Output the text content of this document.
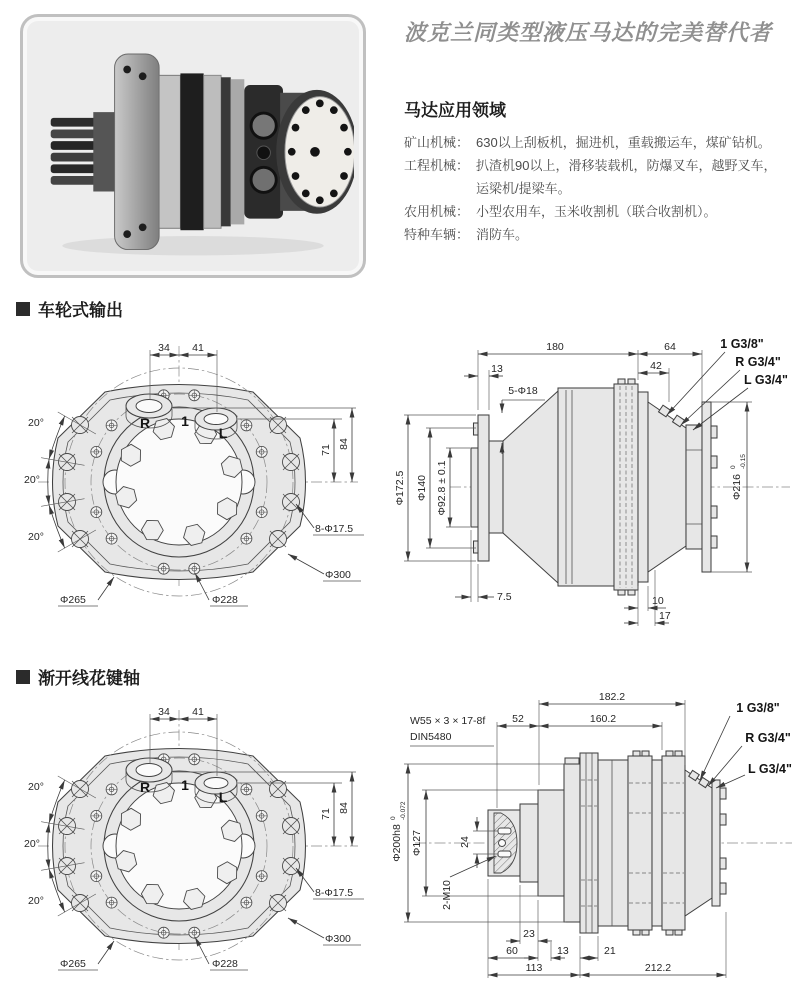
波克兰同类型液压马达的完美替代者
马达应用领域
矿山机械： 630以上刮板机，掘进机，重载搬运车，煤矿钻机。
工程机械： 扒渣机90以上，滑移装载机，防爆叉车，越野叉车，
运梁机/提梁车。
农用机械： 小型农用车，玉米收割机（联合收割机）。
特种车辆： 消防车。
车轮式输出
渐开线花键轴
R 1
L
34 41
71
84
20°
20°
20°
8-Φ17.5
Φ300
Φ265	Φ228
R 1
L
34 41
71
84
20°
20°
20°
8-Φ17.5
Φ300
Φ265	Φ228
180	64
13	42
5-Φ18
Φ172.5 Φ140 Φ92.8 ± 0.1
7.5	10
17
Φ216
0 -0.15
1 G3/8"
R G3/4"
L G3/4"
182.2
52	160.2
W55 × 3 × 17-8f
DIN5480
Φ200h8
0 -0.072
Φ127	24
2-M10
23
60	13	21
113	212.2
1 G3/8"
R G3/4"
L G3/4"
